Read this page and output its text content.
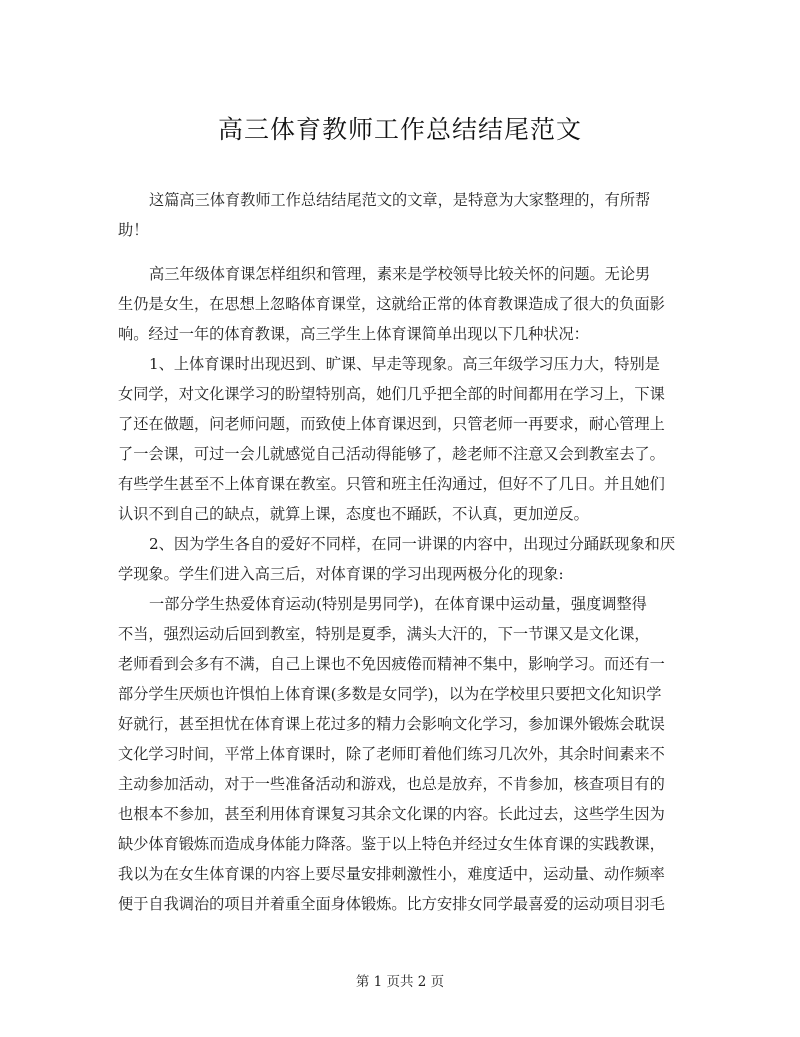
高三体育教师工作总结结尾范文
这篇高三体育教师工作总结结尾范文的文章，是特意为大家整理的，有所帮
助！
高三年级体育课怎样组织和管理，素来是学校领导比较关怀的问题。无论男
生仍是女生，在思想上忽略体育课堂，这就给正常的体育教课造成了很大的负面影
响。经过一年的体育教课，高三学生上体育课简单出现以下几种状况：
1、上体育课时出现迟到、旷课、早走等现象。高三年级学习压力大，特别是
女同学，对文化课学习的盼望特别高，她们几乎把全部的时间都用在学习上，下课
了还在做题，问老师问题，而致使上体育课迟到，只管老师一再要求，耐心管理上
了一会课，可过一会儿就感觉自己活动得能够了，趁老师不注意又会到教室去了。
有些学生甚至不上体育课在教室。只管和班主任沟通过，但好不了几日。并且她们
认识不到自己的缺点，就算上课，态度也不踊跃，不认真，更加逆反。
2、因为学生各自的爱好不同样，在同一讲课的内容中，出现过分踊跃现象和厌
学现象。学生们进入高三后，对体育课的学习出现两极分化的现象:
一部分学生热爱体育运动(特别是男同学)，在体育课中运动量，强度调整得
不当，强烈运动后回到教室，特别是夏季，满头大汗的，下一节课又是文化课，
老师看到会多有不满，自己上课也不免因疲倦而精神不集中，影响学习。而还有一
部分学生厌烦也许惧怕上体育课(多数是女同学)，以为在学校里只要把文化知识学
好就行，甚至担忧在体育课上花过多的精力会影响文化学习，参加课外锻炼会耽误
文化学习时间，平常上体育课时，除了老师盯着他们练习几次外，其余时间素来不
主动参加活动，对于一些准备活动和游戏，也总是放弃，不肯参加，核查项目有的
也根本不参加，甚至利用体育课复习其余文化课的内容。长此过去，这些学生因为
缺少体育锻炼而造成身体能力降落。鉴于以上特色并经过女生体育课的实践教课，
我以为在女生体育课的内容上要尽量安排刺激性小，难度适中，运动量、动作频率
便于自我调治的项目并着重全面身体锻炼。比方安排女同学最喜爱的运动项目羽毛
第 1 页共 2 页
